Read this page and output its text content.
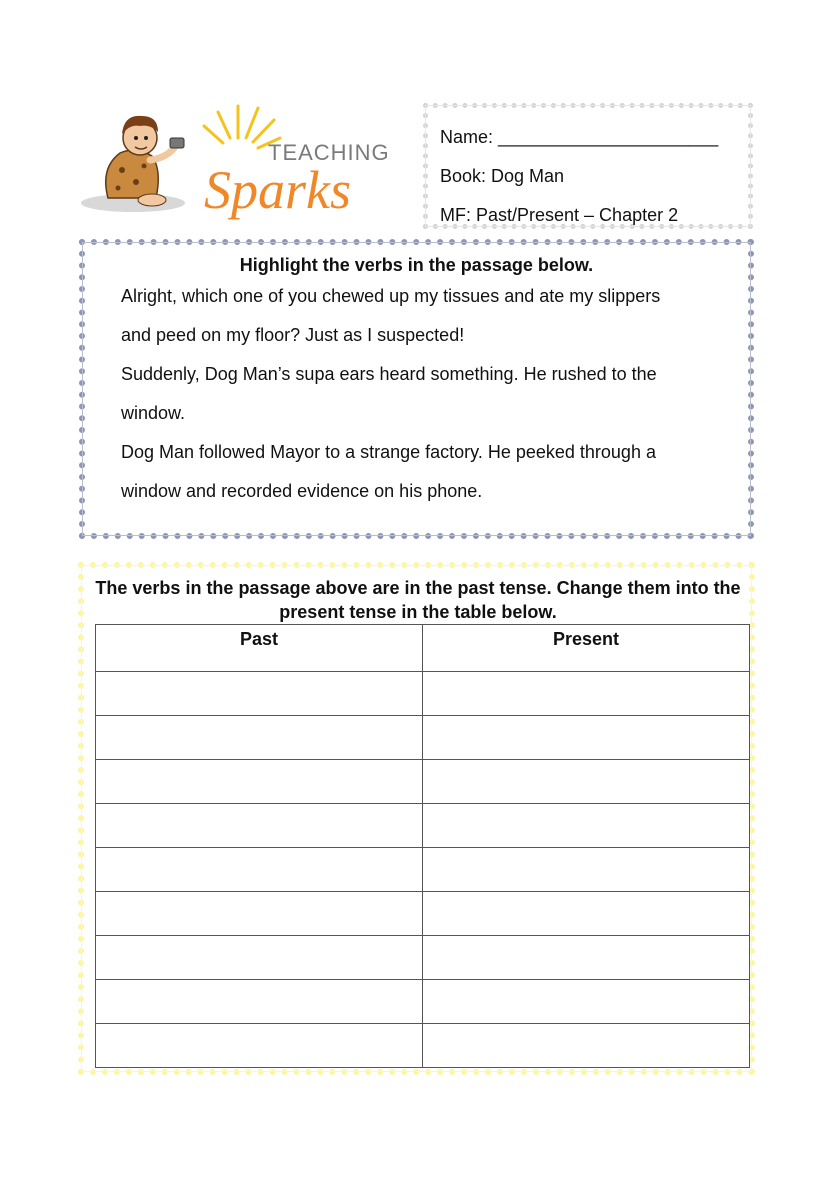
TEACHING
Sparks
Name: ______________________
Book: Dog Man
MF: Past/Present – Chapter 2
Highlight the verbs in the passage below.

Alright, which one of you chewed up my tissues and ate my slippers

and peed on my floor? Just as I suspected!

Suddenly, Dog Man’s supa ears heard something. He rushed to the

window.

Dog Man followed Mayor to a strange factory. He peeked through a

window and recorded evidence on his phone.

The verbs in the passage above are in the past tense. Change them into the present tense in the table below.
Past	Present
